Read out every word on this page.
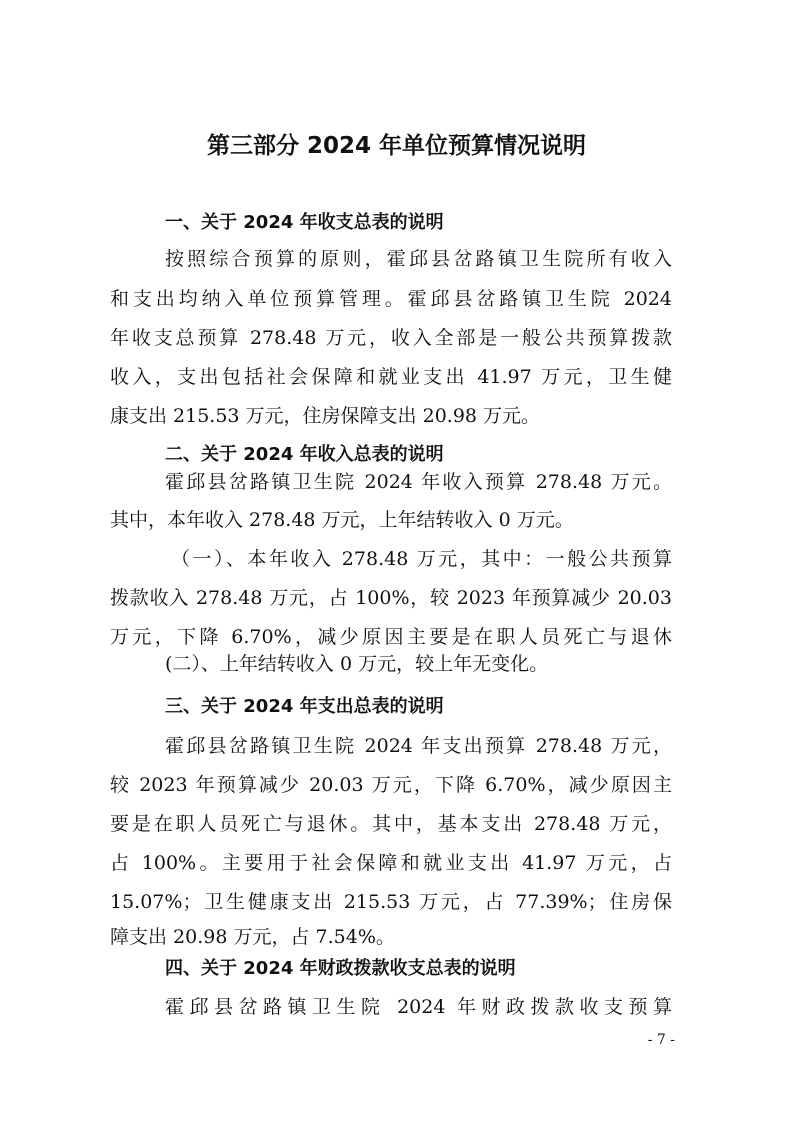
第三部分 2024 年单位预算情况说明
一、关于 2024 年收支总表的说明
按照综合预算的原则，霍邱县岔路镇卫生院所有收入
和支出均纳入单位预算管理。霍邱县岔路镇卫生院 2024
年收支总预算 278.48 万元，收入全部是一般公共预算拨款
收入，支出包括社会保障和就业支出 41.97 万元，卫生健
康支出 215.53 万元，住房保障支出 20.98 万元。
二、关于 2024 年收入总表的说明
霍邱县岔路镇卫生院 2024 年收入预算 278.48 万元。
其中，本年收入 278.48 万元，上年结转收入 0 万元。
（一）、本年收入 278.48 万元，其中：一般公共预算
拨款收入 278.48 万元，占 100%，较 2023 年预算减少 20.03
万元，下降 6.70%，减少原因主要是在职人员死亡与退休
(二）、上年结转收入 0 万元，较上年无变化。
三、关于 2024 年支出总表的说明
霍邱县岔路镇卫生院 2024 年支出预算 278.48 万元，
较 2023 年预算减少 20.03 万元，下降 6.70%，减少原因主
要是在职人员死亡与退休。其中，基本支出 278.48 万元，
占 100%。主要用于社会保障和就业支出 41.97 万元，占
15.07%；卫生健康支出 215.53 万元，占 77.39%；住房保
障支出 20.98 万元，占 7.54%。
四、关于 2024 年财政拨款收支总表的说明
霍邱县岔路镇卫生院 2024 年财政拨款收支预算
- 7 -
